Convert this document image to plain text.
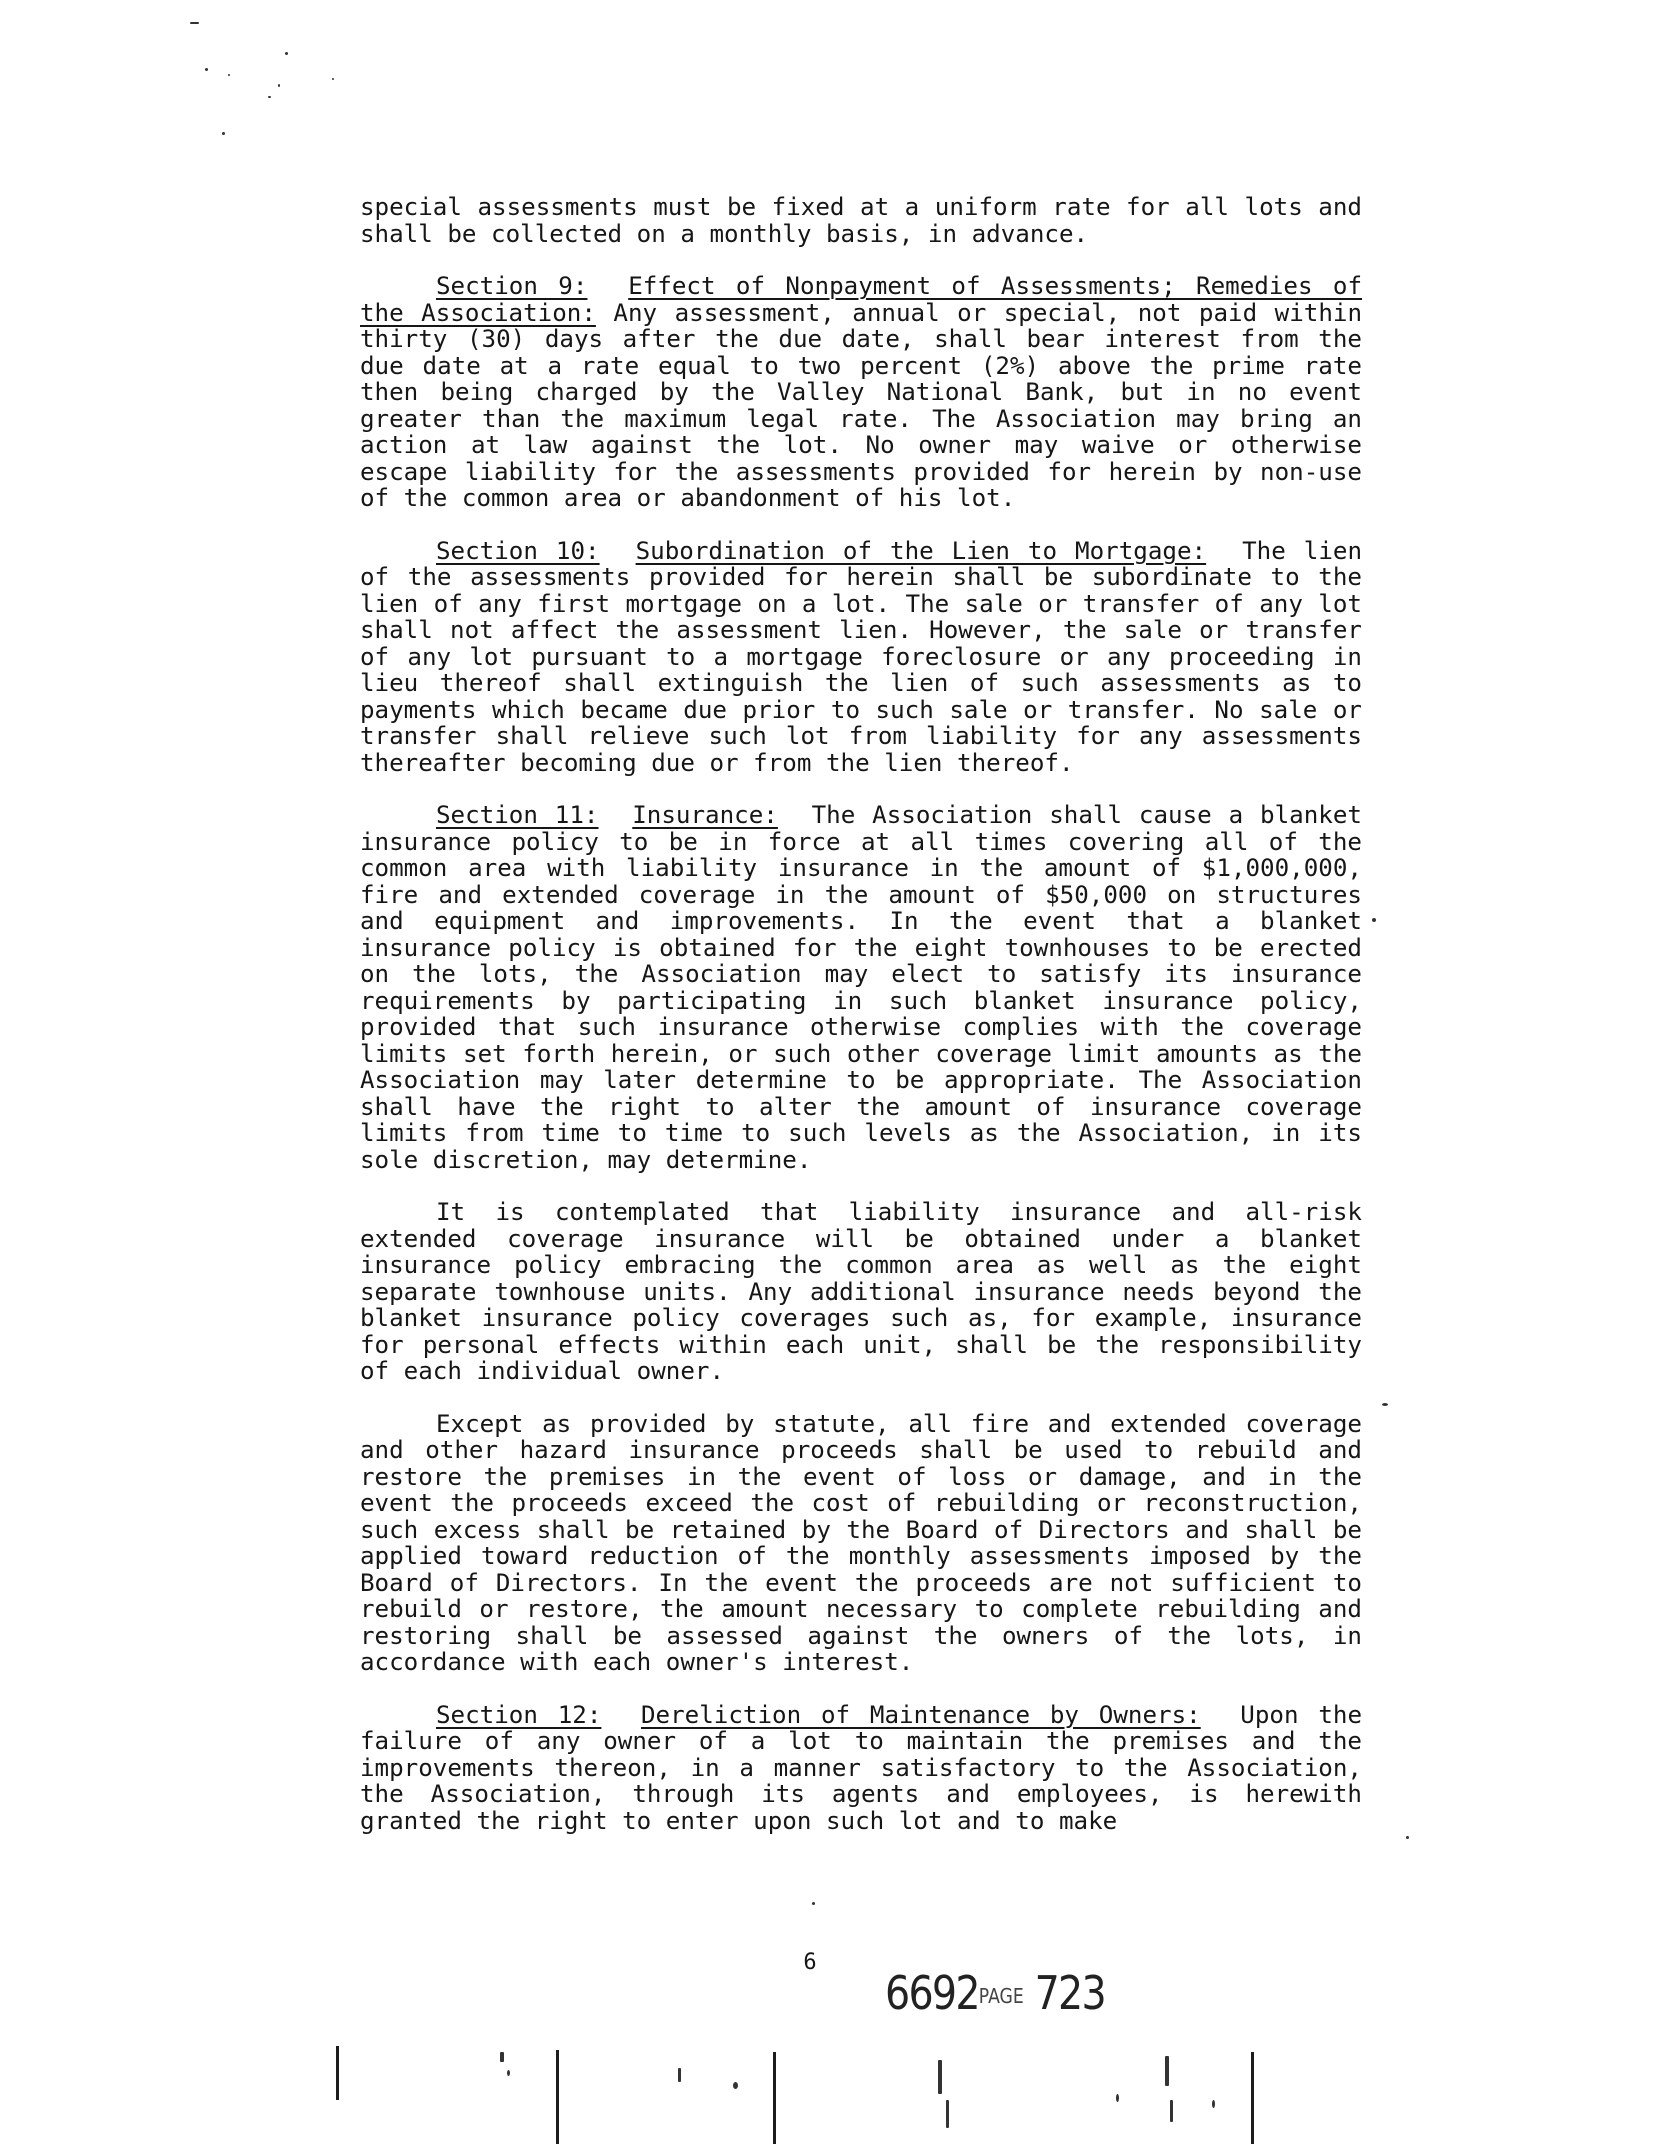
special assessments must be fixed at a uniform rate for all lots and shall be collected on a monthly basis, in advance.

Section 9: Effect of Nonpayment of Assessments; Remedies of the Association: Any assessment, annual or special, not paid within thirty (30) days after the due date, shall bear interest from the due date at a rate equal to two percent (2%) above the prime rate then being charged by the Valley National Bank, but in no event greater than the maximum legal rate. The Association may bring an action at law against the lot. No owner may waive or otherwise escape liability for the assessments provided for herein by non-use of the common area or abandonment of his lot.

Section 10: Subordination of the Lien to Mortgage: The lien of the assessments provided for herein shall be subordinate to the lien of any first mortgage on a lot. The sale or transfer of any lot shall not affect the assessment lien. However, the sale or transfer of any lot pursuant to a mortgage foreclosure or any proceeding in lieu thereof shall extinguish the lien of such assessments as to payments which became due prior to such sale or transfer. No sale or transfer shall relieve such lot from liability for any assessments thereafter becoming due or from the lien thereof.

Section 11: Insurance: The Association shall cause a blanket insurance policy to be in force at all times covering all of the common area with liability insurance in the amount of $1,000,000, fire and extended coverage in the amount of $50,000 on structures and equipment and improvements. In the event that a blanket insurance policy is obtained for the eight townhouses to be erected on the lots, the Association may elect to satisfy its insurance requirements by participating in such blanket insurance policy, provided that such insurance otherwise complies with the coverage limits set forth herein, or such other coverage limit amounts as the Association may later determine to be appropriate. The Association shall have the right to alter the amount of insurance coverage limits from time to time to such levels as the Association, in its sole discretion, may determine.

It is contemplated that liability insurance and all-risk extended coverage insurance will be obtained under a blanket insurance policy embracing the common area as well as the eight separate townhouse units. Any additional insurance needs beyond the blanket insurance policy coverages such as, for example, insurance for personal effects within each unit, shall be the responsibility of each individual owner.

Except as provided by statute, all fire and extended coverage and other hazard insurance proceeds shall be used to rebuild and restore the premises in the event of loss or damage, and in the event the proceeds exceed the cost of rebuilding or reconstruction, such excess shall be retained by the Board of Directors and shall be applied toward reduction of the monthly assessments imposed by the Board of Directors. In the event the proceeds are not sufficient to rebuild or restore, the amount necessary to complete rebuilding and restoring shall be assessed against the owners of the lots, in accordance with each owner's interest.

Section 12: Dereliction of Maintenance by Owners: Upon the failure of any owner of a lot to maintain the premises and the improvements thereon, in a manner satisfactory to the Association, the Association, through its agents and employees, is herewith granted the right to enter upon such lot and to make

6
6692PAGE 723
